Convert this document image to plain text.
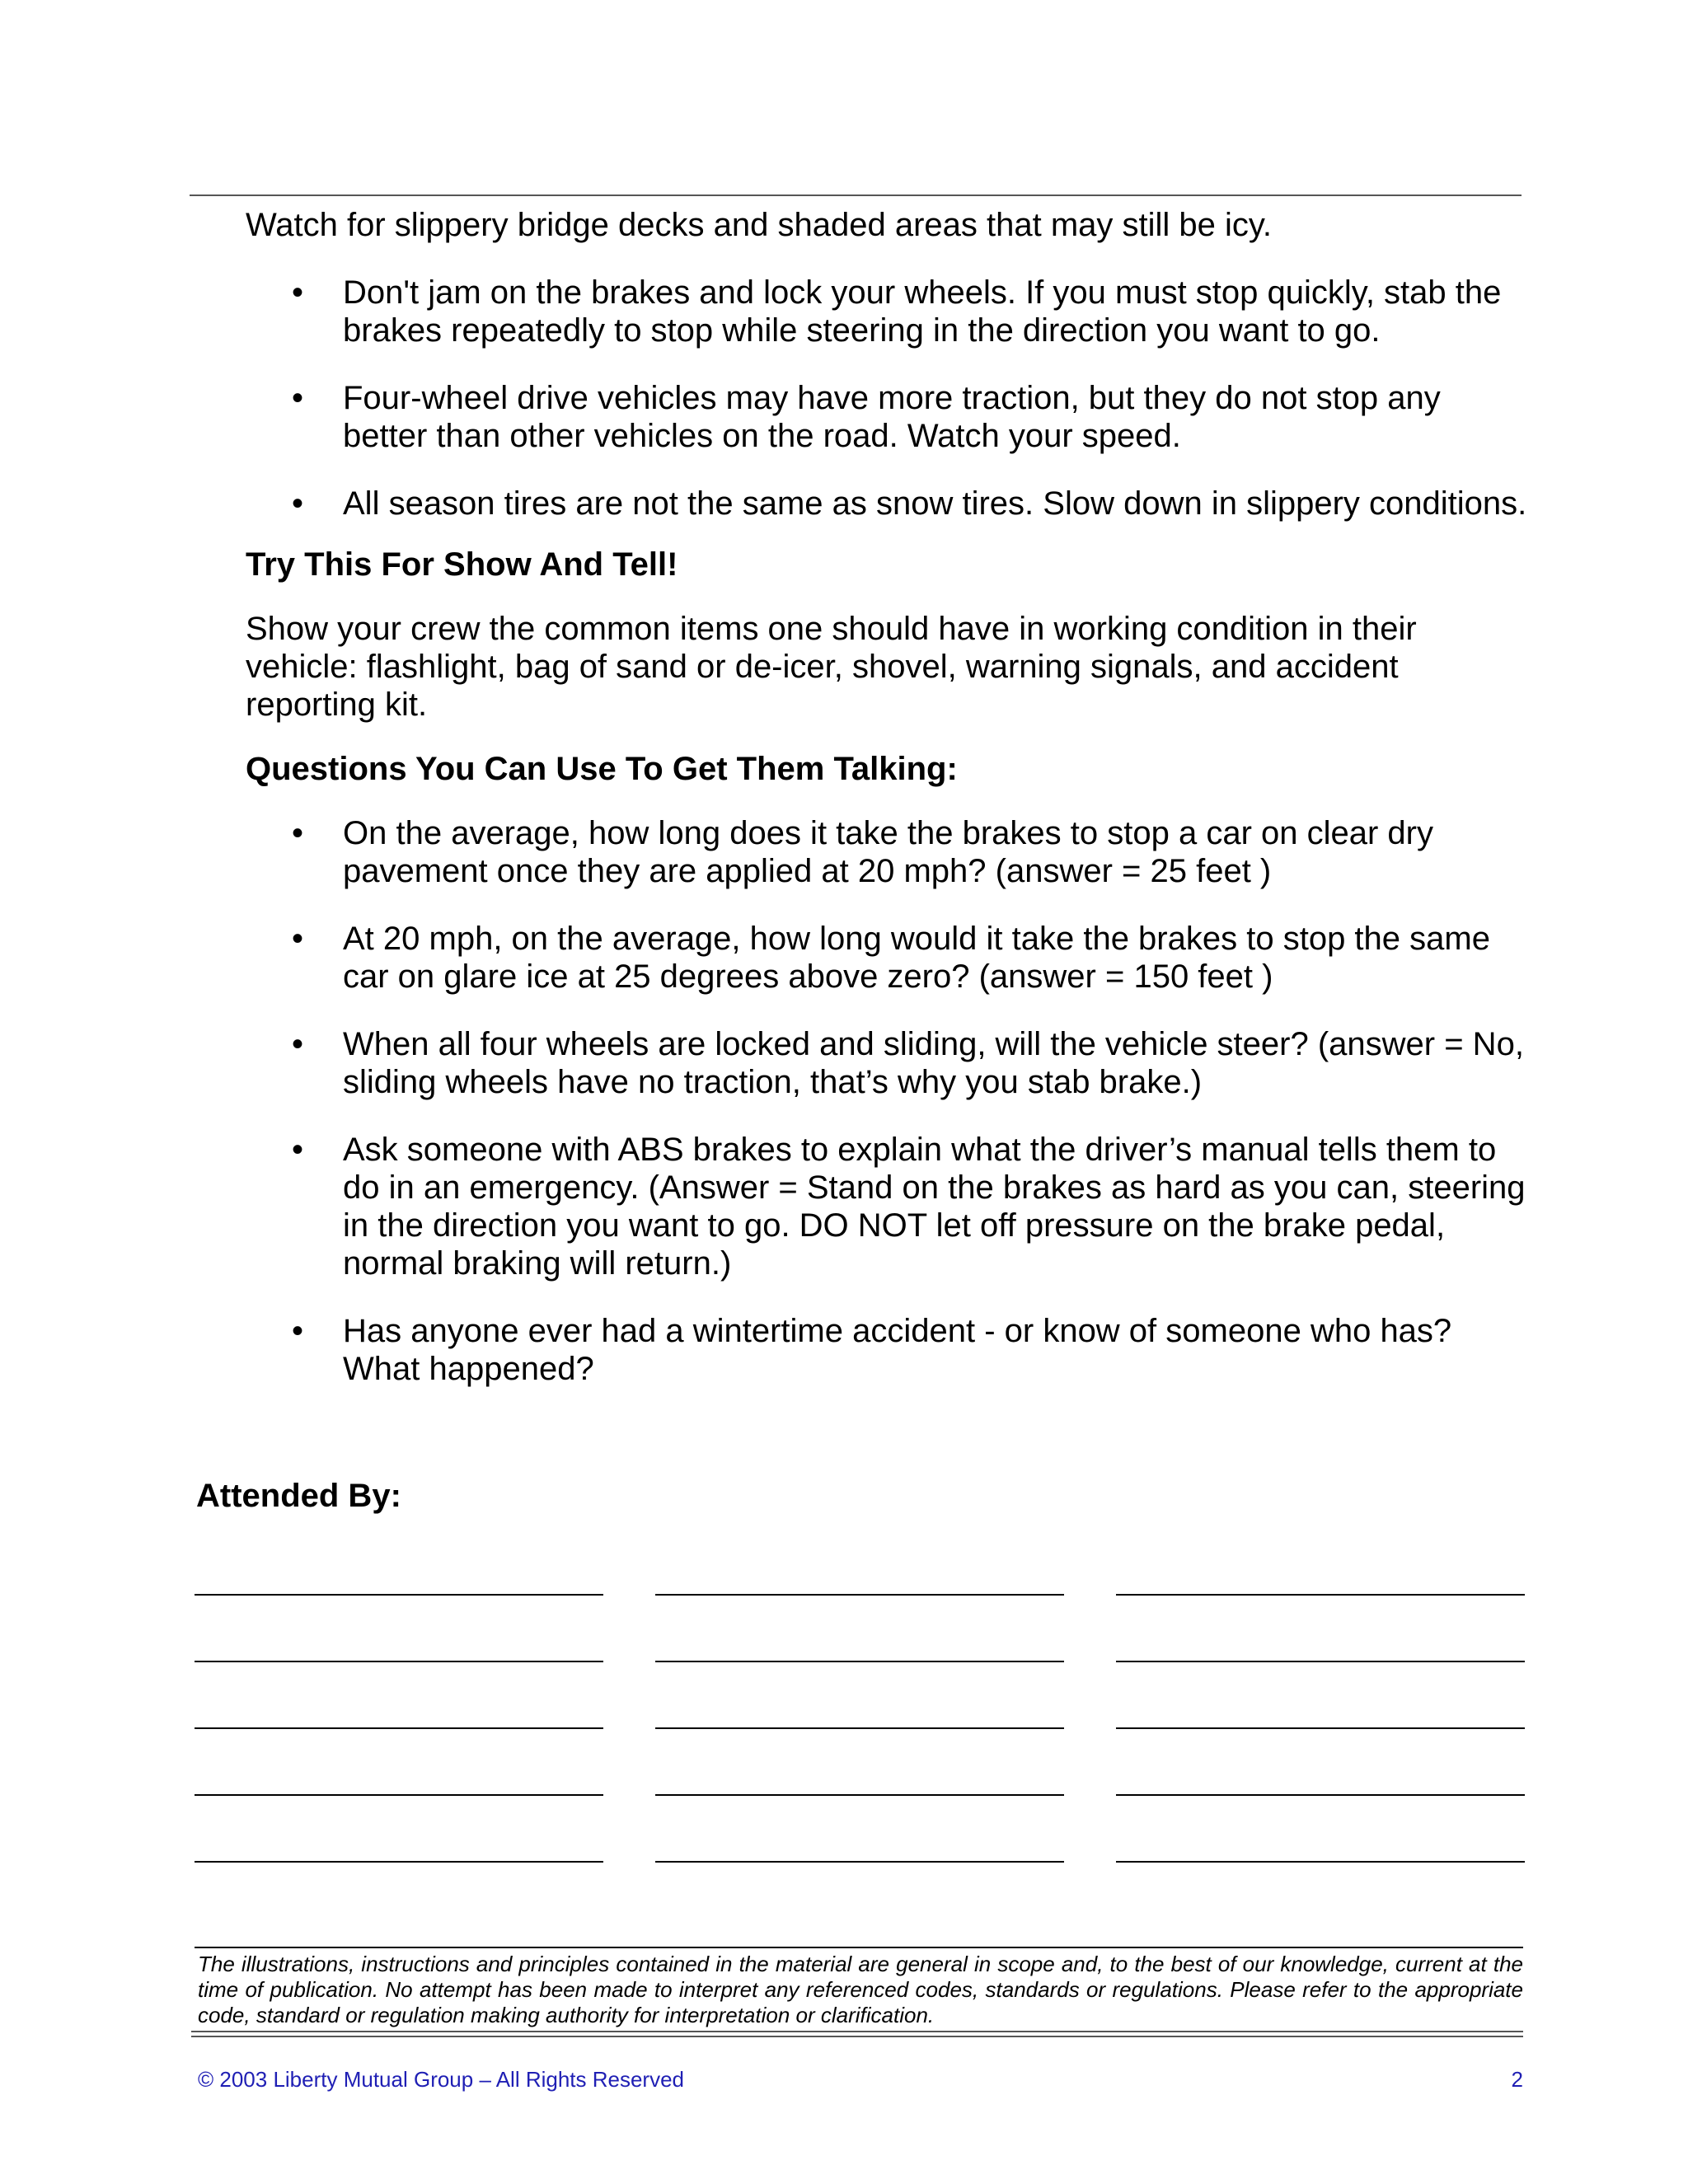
Watch for slippery bridge decks and shaded areas that may still be icy.

• Don't jam on the brakes and lock your wheels. If you must stop quickly, stab the brakes repeatedly to stop while steering in the direction you want to go.
• Four-wheel drive vehicles may have more traction, but they do not stop any better than other vehicles on the road. Watch your speed.
• All season tires are not the same as snow tires. Slow down in slippery conditions.

Try This For Show And Tell!

Show your crew the common items one should have in working condition in their vehicle: flashlight, bag of sand or de-icer, shovel, warning signals, and accident reporting kit.

Questions You Can Use To Get Them Talking:

• On the average, how long does it take the brakes to stop a car on clear dry pavement once they are applied at 20 mph? (answer = 25 feet )
• At 20 mph, on the average, how long would it take the brakes to stop the same car on glare ice at 25 degrees above zero? (answer = 150 feet )
• When all four wheels are locked and sliding, will the vehicle steer? (answer = No, sliding wheels have no traction, that’s why you stab brake.)
• Ask someone with ABS brakes to explain what the driver’s manual tells them to do in an emergency. (Answer = Stand on the brakes as hard as you can, steering in the direction you want to go. DO NOT let off pressure on the brake pedal, normal braking will return.)
• Has anyone ever had a wintertime accident - or know of someone who has? What happened?
Attended By:
The illustrations, instructions and principles contained in the material are general in scope and, to the best of our knowledge, current at the time of publication. No attempt has been made to interpret any referenced codes, standards or regulations. Please refer to the appropriate code, standard or regulation making authority for interpretation or clarification.
© 2003 Liberty Mutual Group – All Rights Reserved	2
